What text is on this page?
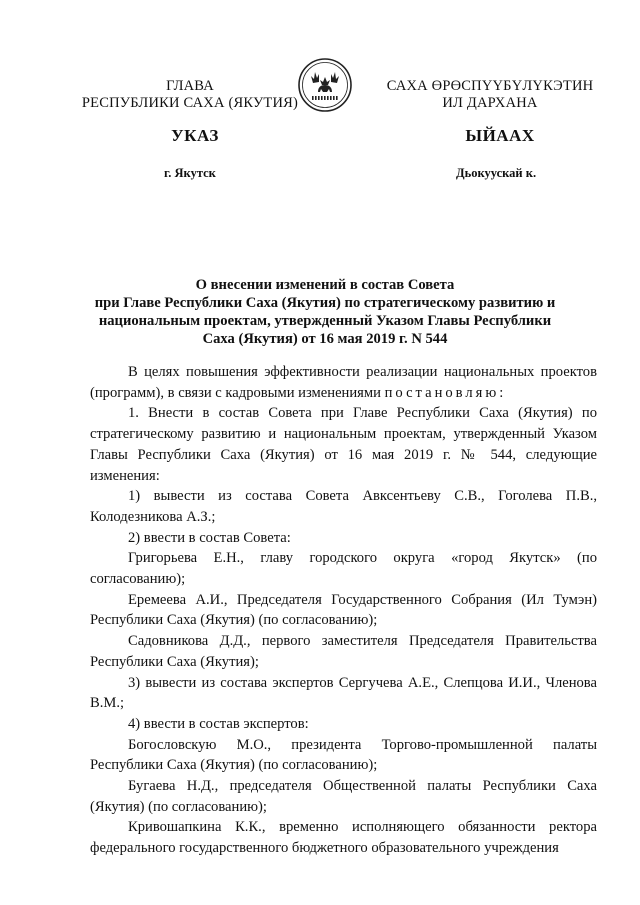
ГЛАВА
РЕСПУБЛИКИ САХА (ЯКУТИЯ)
САХА ӨРӨСПҮҮБҮЛҮКЭТИН
ИЛ ДАРХАНА
УКАЗ	ЫЙААХ
г. Якутск	Дьокуускай к.
О внесении изменений в состав Совета
при Главе Республики Саха (Якутия) по стратегическому развитию и
национальным проектам, утвержденный Указом Главы Республики
Саха (Якутия) от 16 мая 2019 г. N 544

В целях повышения эффективности реализации национальных проектов (программ), в связи с кадровыми изменениями постановляю:

1. Внести в состав Совета при Главе Республики Саха (Якутия) по стратегическому развитию и национальным проектам, утвержденный Указом Главы Республики Саха (Якутия) от 16 мая 2019 г. № 544, следующие изменения:

1) вывести из состава Совета Авксентьеву С.В., Гоголева П.В., Колодезникова А.З.;

2) ввести в состав Совета:

Григорьева Е.Н., главу городского округа «город Якутск» (по согласованию);

Еремеева А.И., Председателя Государственного Собрания (Ил Тумэн) Республики Саха (Якутия) (по согласованию);

Садовникова Д.Д., первого заместителя Председателя Правительства Республики Саха (Якутия);

3) вывести из состава экспертов Сергучева А.Е., Слепцова И.И., Членова В.М.;

4) ввести в состав экспертов:

Богословскую М.О., президента Торгово-промышленной палаты Республики Саха (Якутия) (по согласованию);

Бугаева Н.Д., председателя Общественной палаты Республики Саха (Якутия) (по согласованию);

Кривошапкина К.К., временно исполняющего обязанности ректора федерального государственного бюджетного образовательного учреждения
